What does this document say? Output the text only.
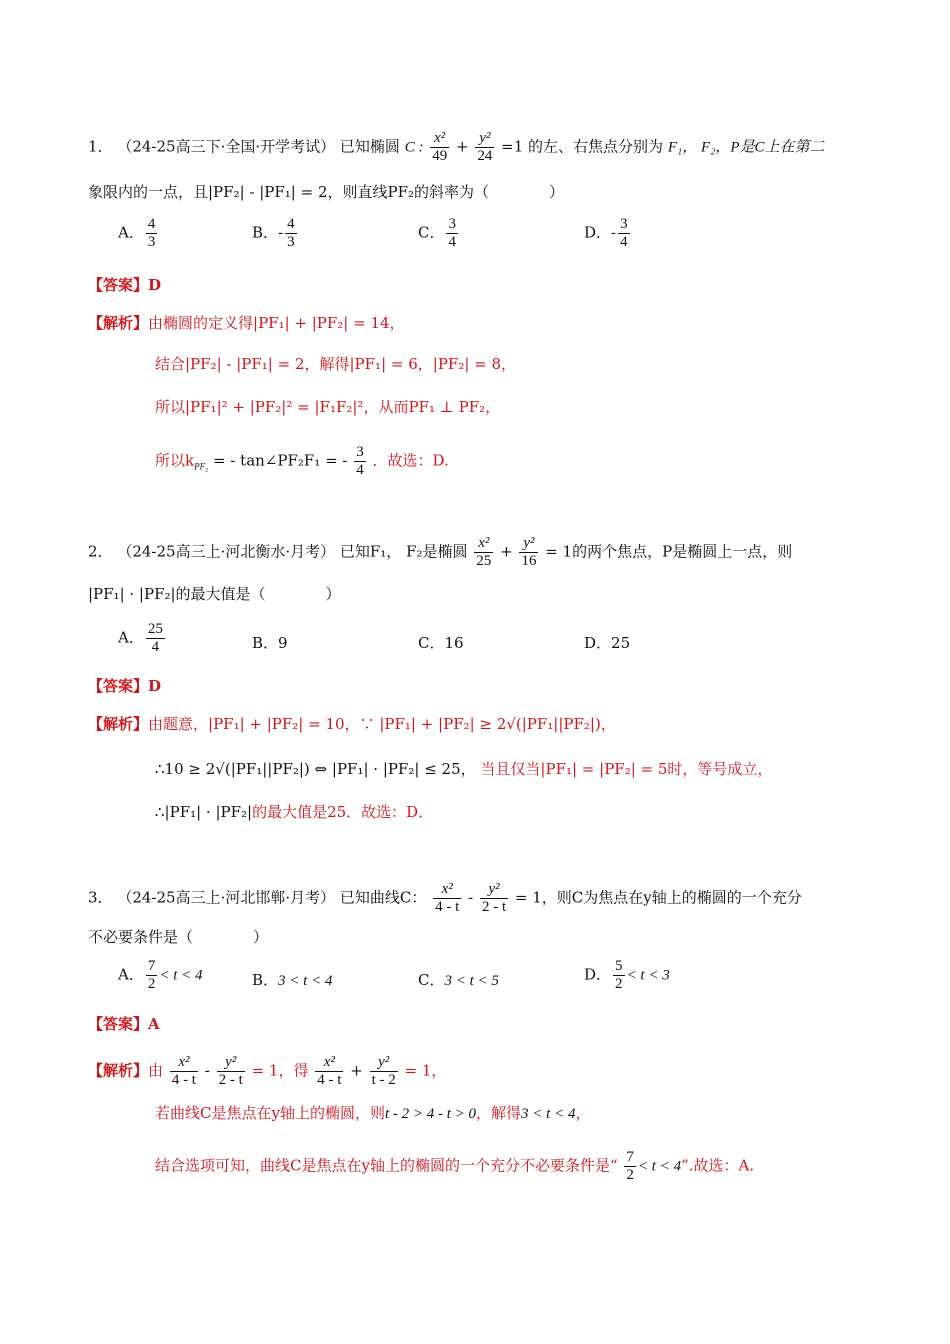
1． （24-25高三下·全国·开学考试） 已知椭圆 C : $\frac{\text{x²}}{49} + \frac{\text{y²}}{24} =1$ 的左、右焦点分别为 F₁， F₂，P是C上在第二
象限内的一点，且|PF₂| - |PF₁| = 2，则直线PF₂的斜率为（　　　　）
A． $\frac{4}{3}$	B．- $\frac{4}{3}$	C． $\frac{3}{4}$	D．- $\frac{3}{4}$
【答案】D
【解析】由椭圆的定义得|PF₁| + |PF₂| = 14，
结合|PF₂| - |PF₁| = 2，解得|PF₁| = 6，|PF₂| = 8，
所以|PF₁|² + |PF₂|² = |F₁F₂|²，从而PF₁ ⊥ PF₂，
所以$k_{PF_2}$ = - tan∠PF₂F₁ = - $\frac{3}{4}$ ．故选：D.
2． （24-25高三上·河北衡水·月考） 已知F₁， F₂是椭圆 $\frac{\text{x²}}{25} + \frac{\text{y²}}{16} = 1$的两个焦点，P是椭圆上一点，则
|PF₁| · |PF₂|的最大值是（　　　　）
A． $\frac{25}{4}$	B．9	C．16	D．25
【答案】D
【解析】由题意，|PF₁| + |PF₂| = 10，∵ |PF₁| + |PF₂| ≥ 2√(|PF₁||PF₂|)，
∴10 ≥ 2√(|PF₁||PF₂|) ⇔ |PF₁| · |PF₂| ≤ 25， 当且仅当|PF₁| = |PF₂| = 5时，等号成立，
∴|PF₁| · |PF₂|的最大值是25．故选：D．
3． （24-25高三上·河北邯郸·月考） 已知曲线C： $\frac{\text{x²}}{4 - t} - \frac{\text{y²}}{2 - t} = 1$，则C为焦点在y轴上的椭圆的一个充分
不必要条件是（　　　　）
A． $\frac{7}{2} < t < 4$	B．3 < t < 4	C．3 < t < 5	D． $\frac{5}{2} < t < 3$
【答案】A
【解析】由 $\frac{\text{x²}}{4 - t} - \frac{\text{y²}}{2 - t} = 1$，得 $\frac{\text{x²}}{4 - t} + \frac{\text{y²}}{t - 2} = 1$，
若曲线C是焦点在y轴上的椭圆，则t - 2 > 4 - t > 0，解得3 < t < 4，
结合选项可知，曲线C是焦点在y轴上的椭圆的一个充分不必要条件是“ $\frac{7}{2} < t < 4$”.故选：A.
